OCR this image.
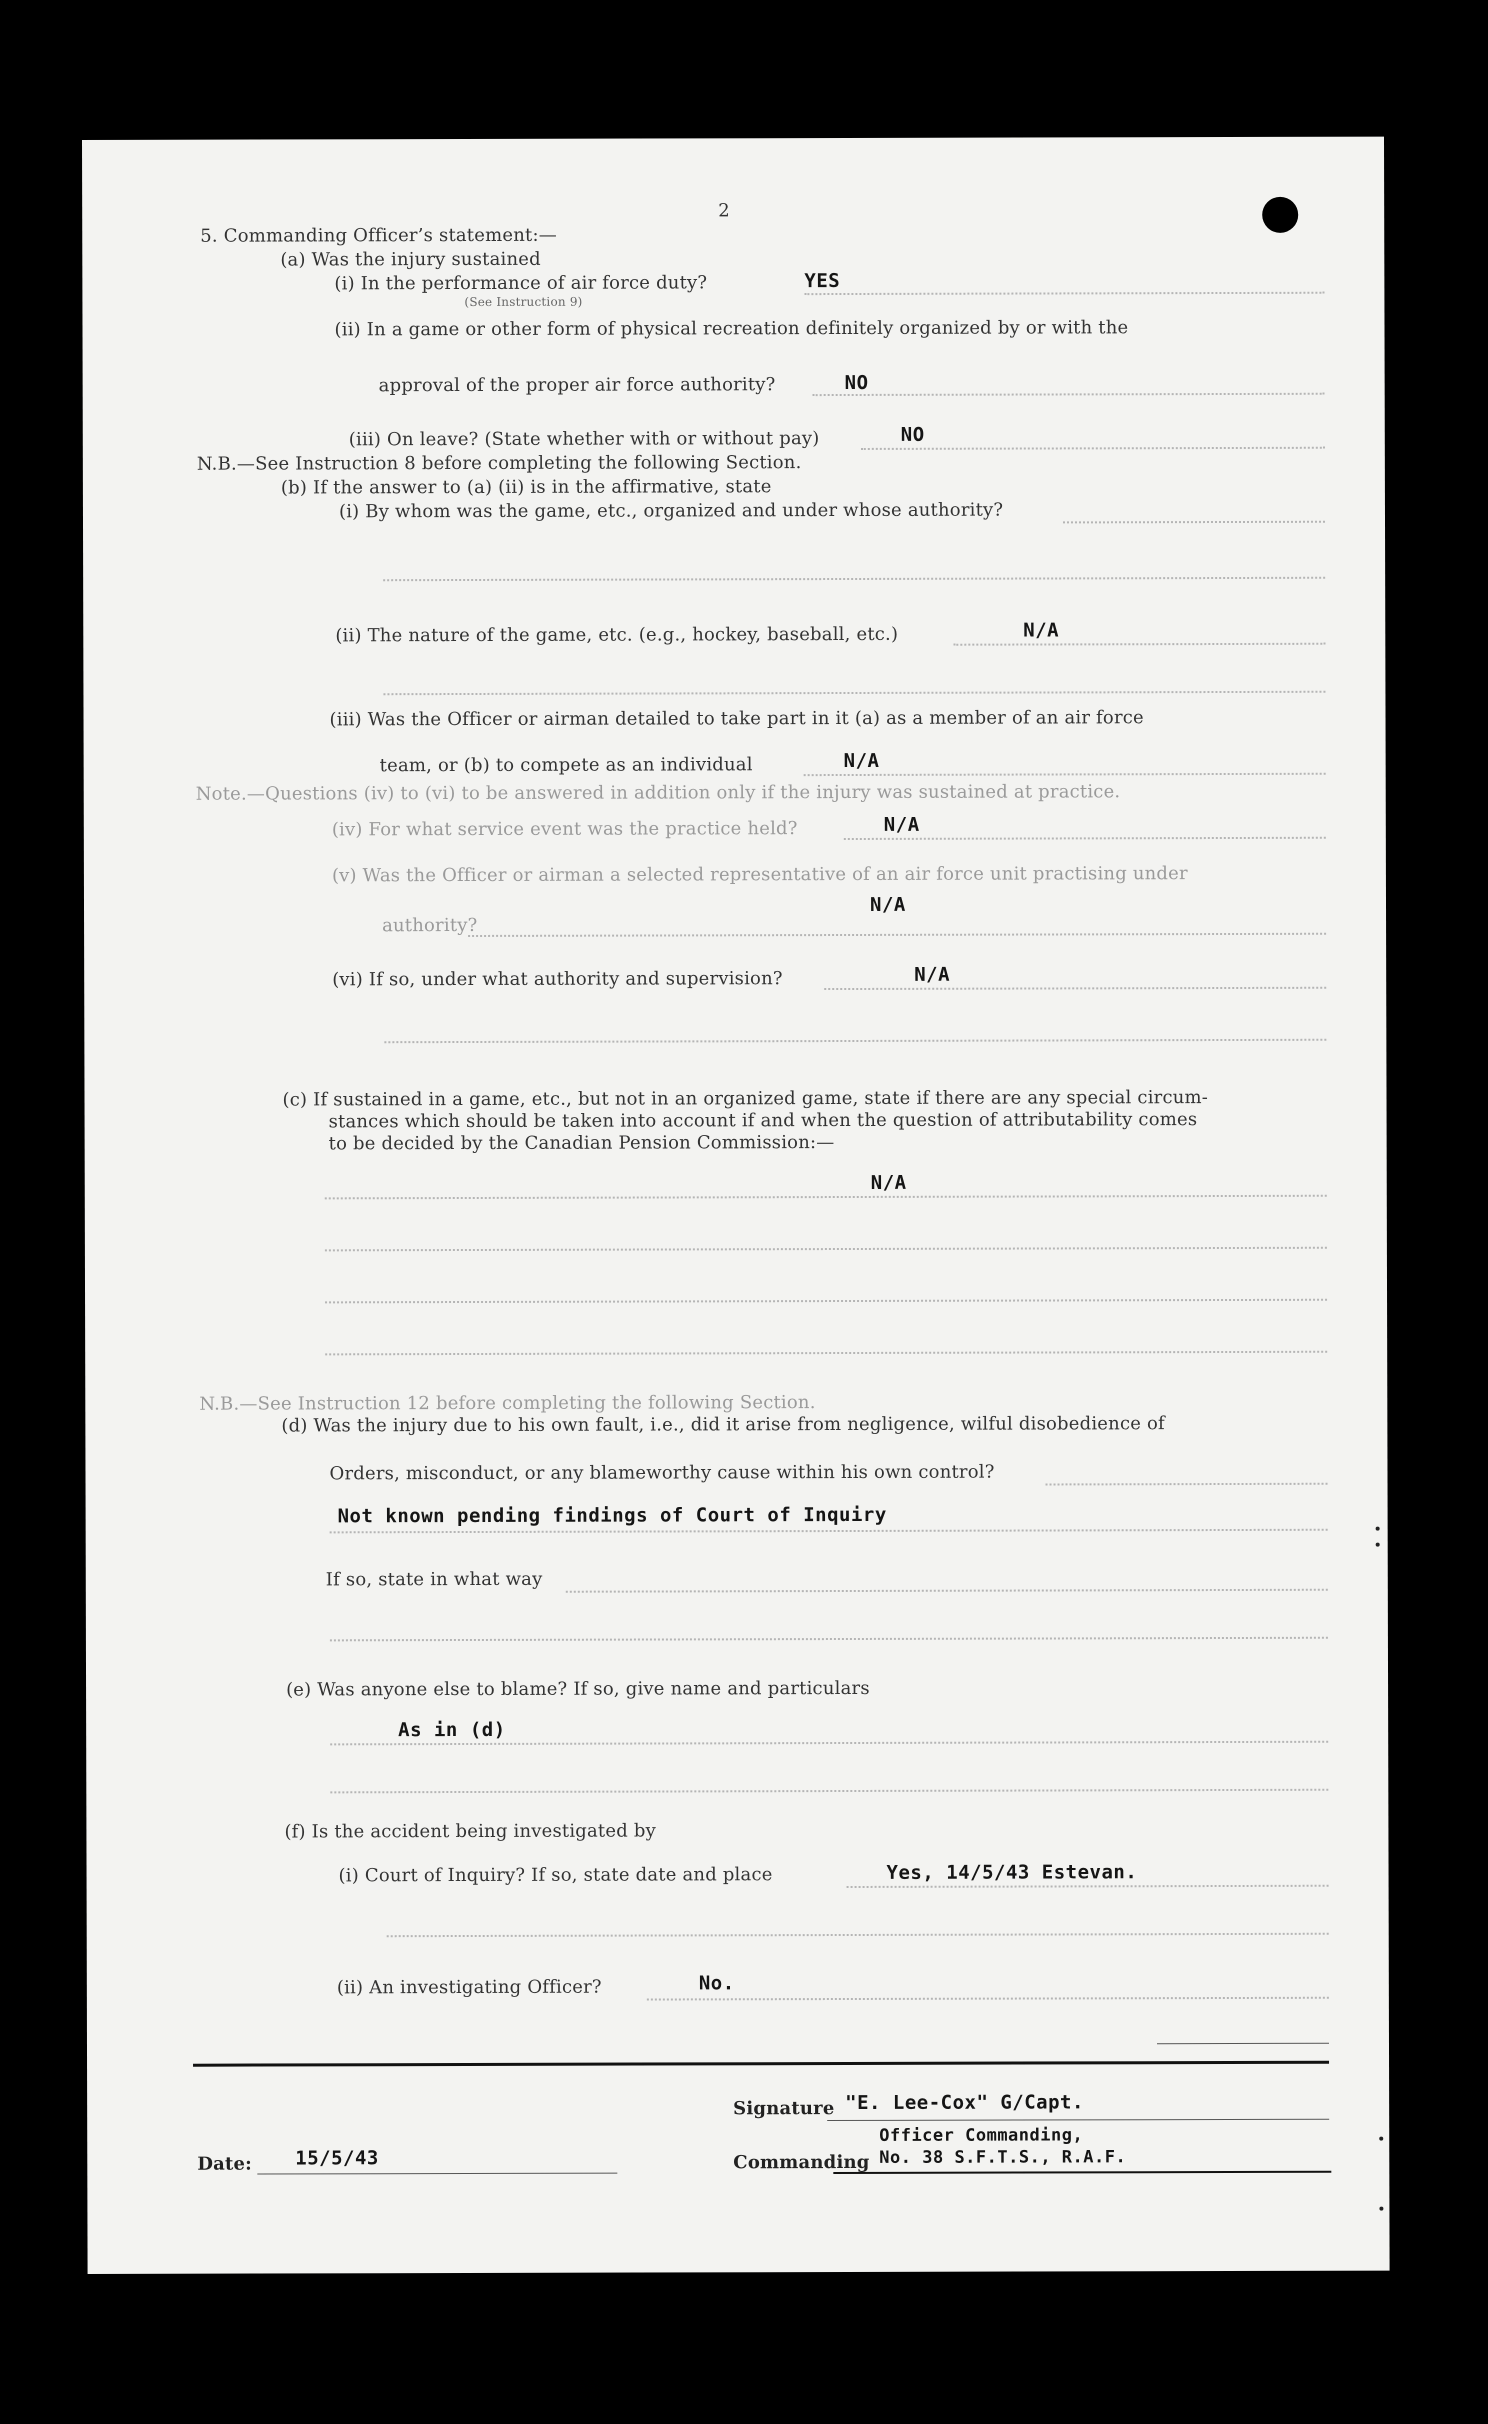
2
5. Commanding Officer’s statement:—
(a) Was the injury sustained
(i) In the performance of air force duty?	YES
(See Instruction 9)
(ii) In a game or other form of physical recreation definitely organized by or with the
approval of the proper air force authority?	NO
(iii) On leave? (State whether with or without pay)	NO
N.B.—See Instruction 8 before completing the following Section.
(b) If the answer to (a) (ii) is in the affirmative, state
(i) By whom was the game, etc., organized and under whose authority?
(ii) The nature of the game, etc. (e.g., hockey, baseball, etc.)	N/A
(iii) Was the Officer or airman detailed to take part in it (a) as a member of an air force
team, or (b) to compete as an individual	N/A
Note.—Questions (iv) to (vi) to be answered in addition only if the injury was sustained at practice.
(iv) For what service event was the practice held?	N/A
(v) Was the Officer or airman a selected representative of an air force unit practising under
authority?
N/A
(vi) If so, under what authority and supervision?	N/A
(c) If sustained in a game, etc., but not in an organized game, state if there are any special circum-
stances which should be taken into account if and when the question of attributability comes
to be decided by the Canadian Pension Commission:—
N/A
N.B.—See Instruction 12 before completing the following Section.
(d) Was the injury due to his own fault, i.e., did it arise from negligence, wilful disobedience of
Orders, misconduct, or any blameworthy cause within his own control?
Not known pending findings of Court of Inquiry
If so, state in what way
(e) Was anyone else to blame? If so, give name and particulars
As in (d)
(f) Is the accident being investigated by
(i) Court of Inquiry? If so, state date and place	Yes, 14/5/43 Estevan.
(ii) An investigating Officer?	No.
Signature "E. Lee-Cox" G/Capt.
Date: 15/5/43	Commanding
Officer Commanding,
No. 38 S.F.T.S., R.A.F.
